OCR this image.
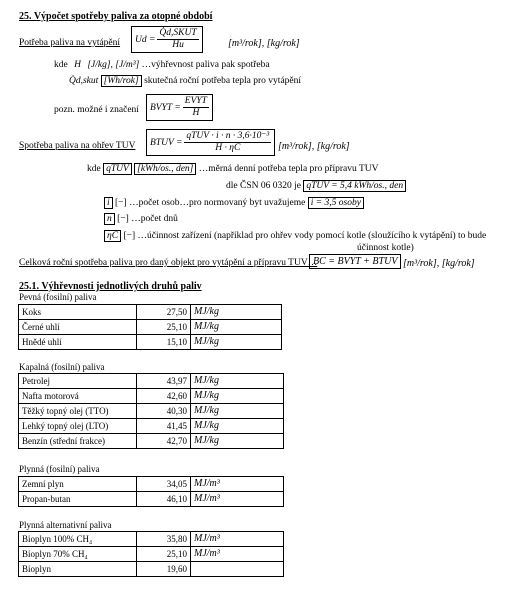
25. Výpočet spotřeby paliva za otopné období
Potřeba paliva na vytápění $Ud = \frac{\text{Q̇d,SKUT}}{Hu}$	[m³/rok], [kg/rok]
kde H [J/kg], [J/m³] …výhřevnost paliva pak spotřeba
Q̇d,skut [Wh/rok] skutečná roční potřeba tepla pro vytápění
pozn. možné i značení BVYT = $\frac{\text{EVYT}}{H}$
Spotřeba paliva na ohřev TUV BTUV = $\frac{\text{qTUV · i · n · 3,6·10⁻³}}{H \cdot \eta C} [m^3/rok]$, [kg/rok]
kde qTUV [kWh/os., den] …měrná denní potřeba tepla pro přípravu TUV
dle ČSN 06 0320 je qTUV = 5,4 kWh/os., den
i [−] …počet osob…pro normovaný byt uvažujeme i = 3,5 osoby
n [−] …počet dnů
ηC [−] …účinnost zařízení (například pro ohřev vody pomocí kotle (sloužícího k vytápění) to bude
účinnost kotle)
Celková roční spotřeba paliva pro daný objekt pro vytápění a přípravu TUV…
BC = BVYT + BTUV [m³/rok], [kg/rok]
25.1. Výhřevnosti jednotlivých druhů paliv
Pevná (fosilní) paliva
Koks	27,50	MJ/kg
Černé uhlí	25,10	MJ/kg
Hnědé uhlí	15,10	MJ/kg
Kapalná (fosilní) paliva
Petrolej	43,97	MJ/kg
Nafta motorová	42,60	MJ/kg
Těžký topný olej (TTO)	40,30	MJ/kg
Lehký topný olej (LTO)	41,45	MJ/kg
Benzín (střední frakce)	42,70	MJ/kg
Plynná (fosilní) paliva
Zemní plyn	34,05	MJ/m³
Propan-butan	46,10	MJ/m³
Plynná alternativní paliva
Bioplyn 100% CH₄	35,80	MJ/m³
Bioplyn 70% CH₄	25,10	MJ/m³
Bioplyn	19,60	
